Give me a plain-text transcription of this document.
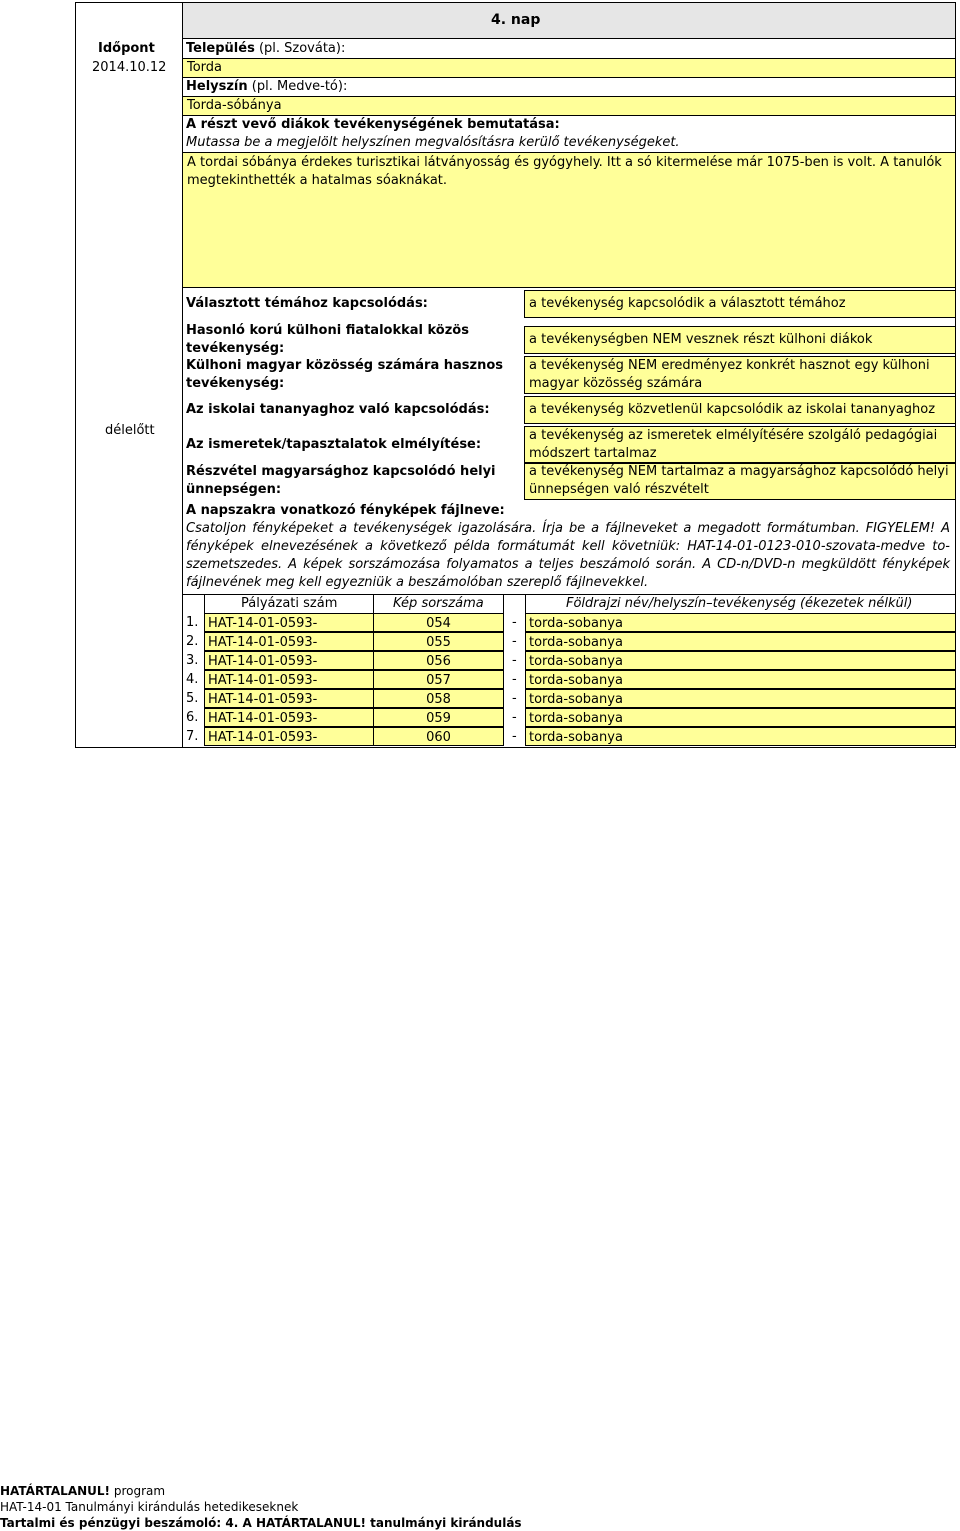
4. nap
Időpont
2014.10.12
délelőtt
Település (pl. Szováta):
Torda
Helyszín (pl. Medve-tó):
Torda-sóbánya
A részt vevő diákok tevékenységének bemutatása:
Mutassa be a megjelölt helyszínen megvalósításra kerülő tevékenységeket.
A tordai sóbánya érdekes turisztikai látványosság és gyógyhely. Itt a só kitermelése már 1075-ben is volt. A tanulók megtekinthették a hatalmas sóaknákat.
Választott témához kapcsolódás:	a tevékenység kapcsolódik a választott témához
Hasonló korú külhoni fiatalokkal közös tevékenység:
a tevékenységben NEM vesznek részt külhoni diákok
Külhoni magyar közösség számára hasznos tevékenység:
a tevékenység NEM eredményez konkrét hasznot egy külhoni magyar közösség számára
Az iskolai tananyaghoz való kapcsolódás:	a tevékenység közvetlenül kapcsolódik az iskolai tananyaghoz
Az ismeretek/tapasztalatok elmélyítése:
a tevékenység az ismeretek elmélyítésére szolgáló pedagógiai módszert tartalmaz
Részvétel magyarsághoz kapcsolódó helyi ünnepségen:
a tevékenység NEM tartalmaz a magyarsághoz kapcsolódó helyi ünnepségen való részvételt
A napszakra vonatkozó fényképek fájlneve:
Csatoljon fényképeket a tevékenységek igazolására. Írja be a fájlneveket a megadott formátumban. FIGYELEM! A fényképek elnevezésének a következő példa formátumát kell követniük: HAT-14-01-0123-010-szovata-medve to-szemetszedes. A képek sorszámozása folyamatos a teljes beszámoló során. A CD-n/DVD-n megküldött fényképek fájlnevének meg kell egyezniük a beszámolóban szereplő fájlnevekkel.
Pályázati szám	Kép sorszáma	Földrajzi név/helyszín–tevékenység (ékezetek nélkül)
1. HAT-14-01-0593-	054	- torda-sobanya
2. HAT-14-01-0593-	055	- torda-sobanya
3. HAT-14-01-0593-	056	- torda-sobanya
4. HAT-14-01-0593-	057	- torda-sobanya
5. HAT-14-01-0593-	058	- torda-sobanya
6. HAT-14-01-0593-	059	- torda-sobanya
7. HAT-14-01-0593-	060	- torda-sobanya
HATÁRTALANUL! program
HAT-14-01 Tanulmányi kirándulás hetedikeseknek
Tartalmi és pénzügyi beszámoló: 4. A HATÁRTALANUL! tanulmányi kirándulás
